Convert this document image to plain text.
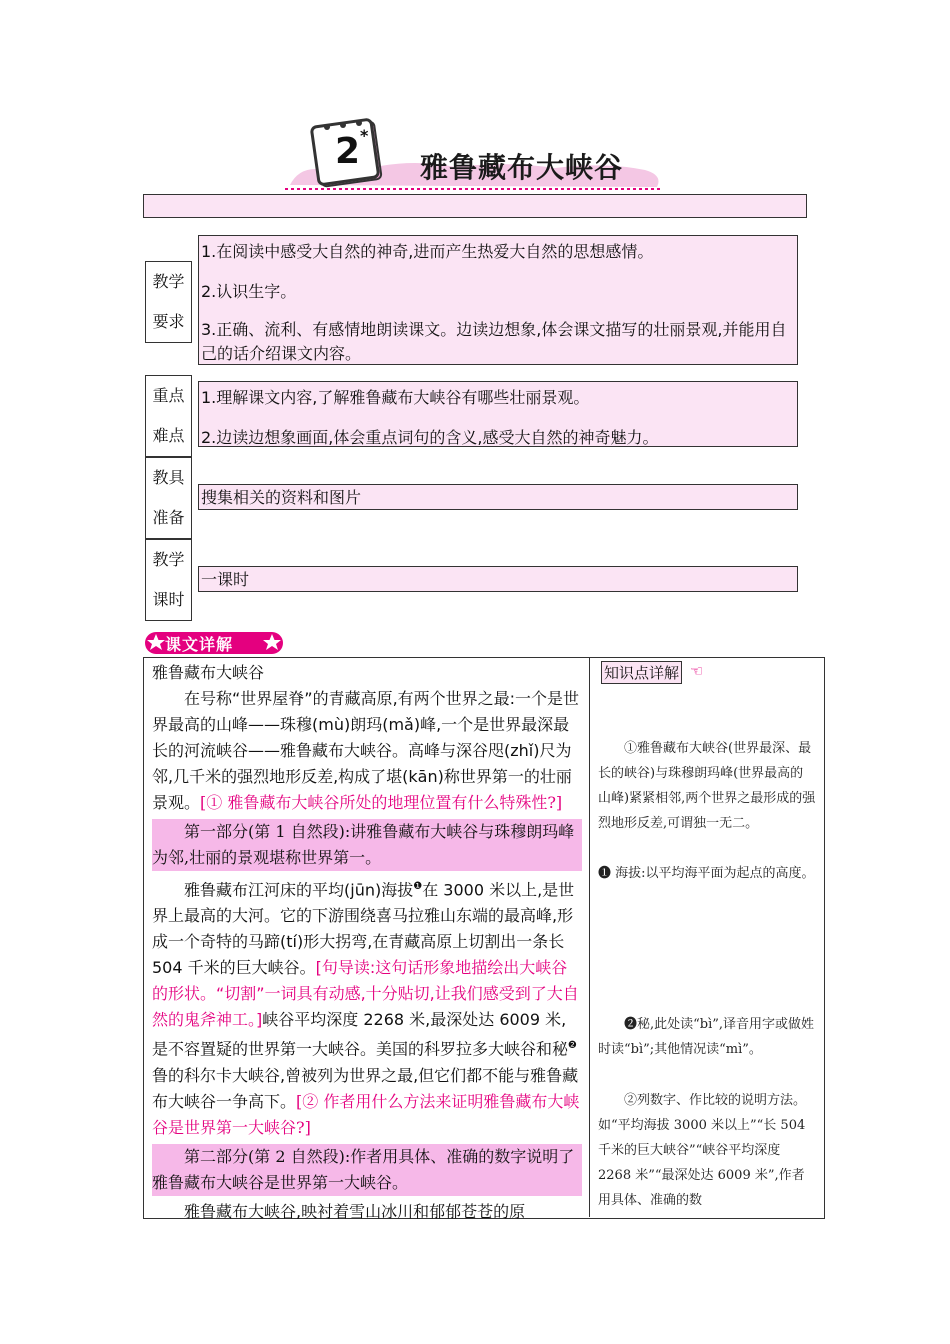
2 *
雅鲁藏布大峡谷
教学
要求

1.在阅读中感受大自然的神奇,进而产生热爱大自然的思想感情。

2.认识生字。

3.正确、流利、有感情地朗读课文。边读边想象,体会课文描写的壮丽景观,并能用自己的话介绍课文内容。

重点
难点

1.理解课文内容,了解雅鲁藏布大峡谷有哪些壮丽景观。

2.边读边想象画面,体会重点词句的含义,感受大自然的神奇魅力。

教具
准备
搜集相关的资料和图片
教学
课时
一课时
课文详解

雅鲁藏布大峡谷

在号称“世界屋脊”的青藏高原,有两个世界之最:一个是世界最高的山峰——珠穆(mù)朗玛(mǎ)峰,一个是世界最深最长的河流峡谷——雅鲁藏布大峡谷。高峰与深谷咫(zhǐ)尺为邻,几千米的强烈地形反差,构成了堪(kān)称世界第一的壮丽景观。[① 雅鲁藏布大峡谷所处的地理位置有什么特殊性?]

第一部分(第 1 自然段):讲雅鲁藏布大峡谷与珠穆朗玛峰为邻,壮丽的景观堪称世界第一。

雅鲁藏布江河床的平均(jūn)海拔$^❶$在 3000 米以上,是世界上最高的大河。它的下游围绕喜马拉雅山东端的最高峰,形成一个奇特的马蹄(tí)形大拐弯,在青藏高原上切割出一条长 504 千米的巨大峡谷。[句导读:这句话形象地描绘出大峡谷的形状。“切割”一词具有动感,十分贴切,让我们感受到了大自然的鬼斧神工。]峡谷平均深度 2268 米,最深处达 6009 米,是不容置疑的世界第一大峡谷。美国的科罗拉多大峡谷和秘$^❷$鲁的科尔卡大峡谷,曾被列为世界之最,但它们都不能与雅鲁藏布大峡谷一争高下。[② 作者用什么方法来证明雅鲁藏布大峡谷是世界第一大峡谷?]

第二部分(第 2 自然段):作者用具体、准确的数字说明了雅鲁藏布大峡谷是世界第一大峡谷。

雅鲁藏布大峡谷,映衬着雪山冰川和郁郁苍苍的原

知识点详解 ☜

①雅鲁藏布大峡谷(世界最深、最长的峡谷)与珠穆朗玛峰(世界最高的山峰)紧紧相邻,两个世界之最形成的强烈地形反差,可谓独一无二。

❶ 海拔:以平均海平面为起点的高度。

❷秘,此处读“bì”,译音用字或做姓时读“bì”;其他情况读“mì”。

②列数字、作比较的说明方法。如“平均海拔 3000 米以上”“长 504 千米的巨大峡谷”“峡谷平均深度 2268 米”“最深处达 6009 米”,作者用具体、准确的数
